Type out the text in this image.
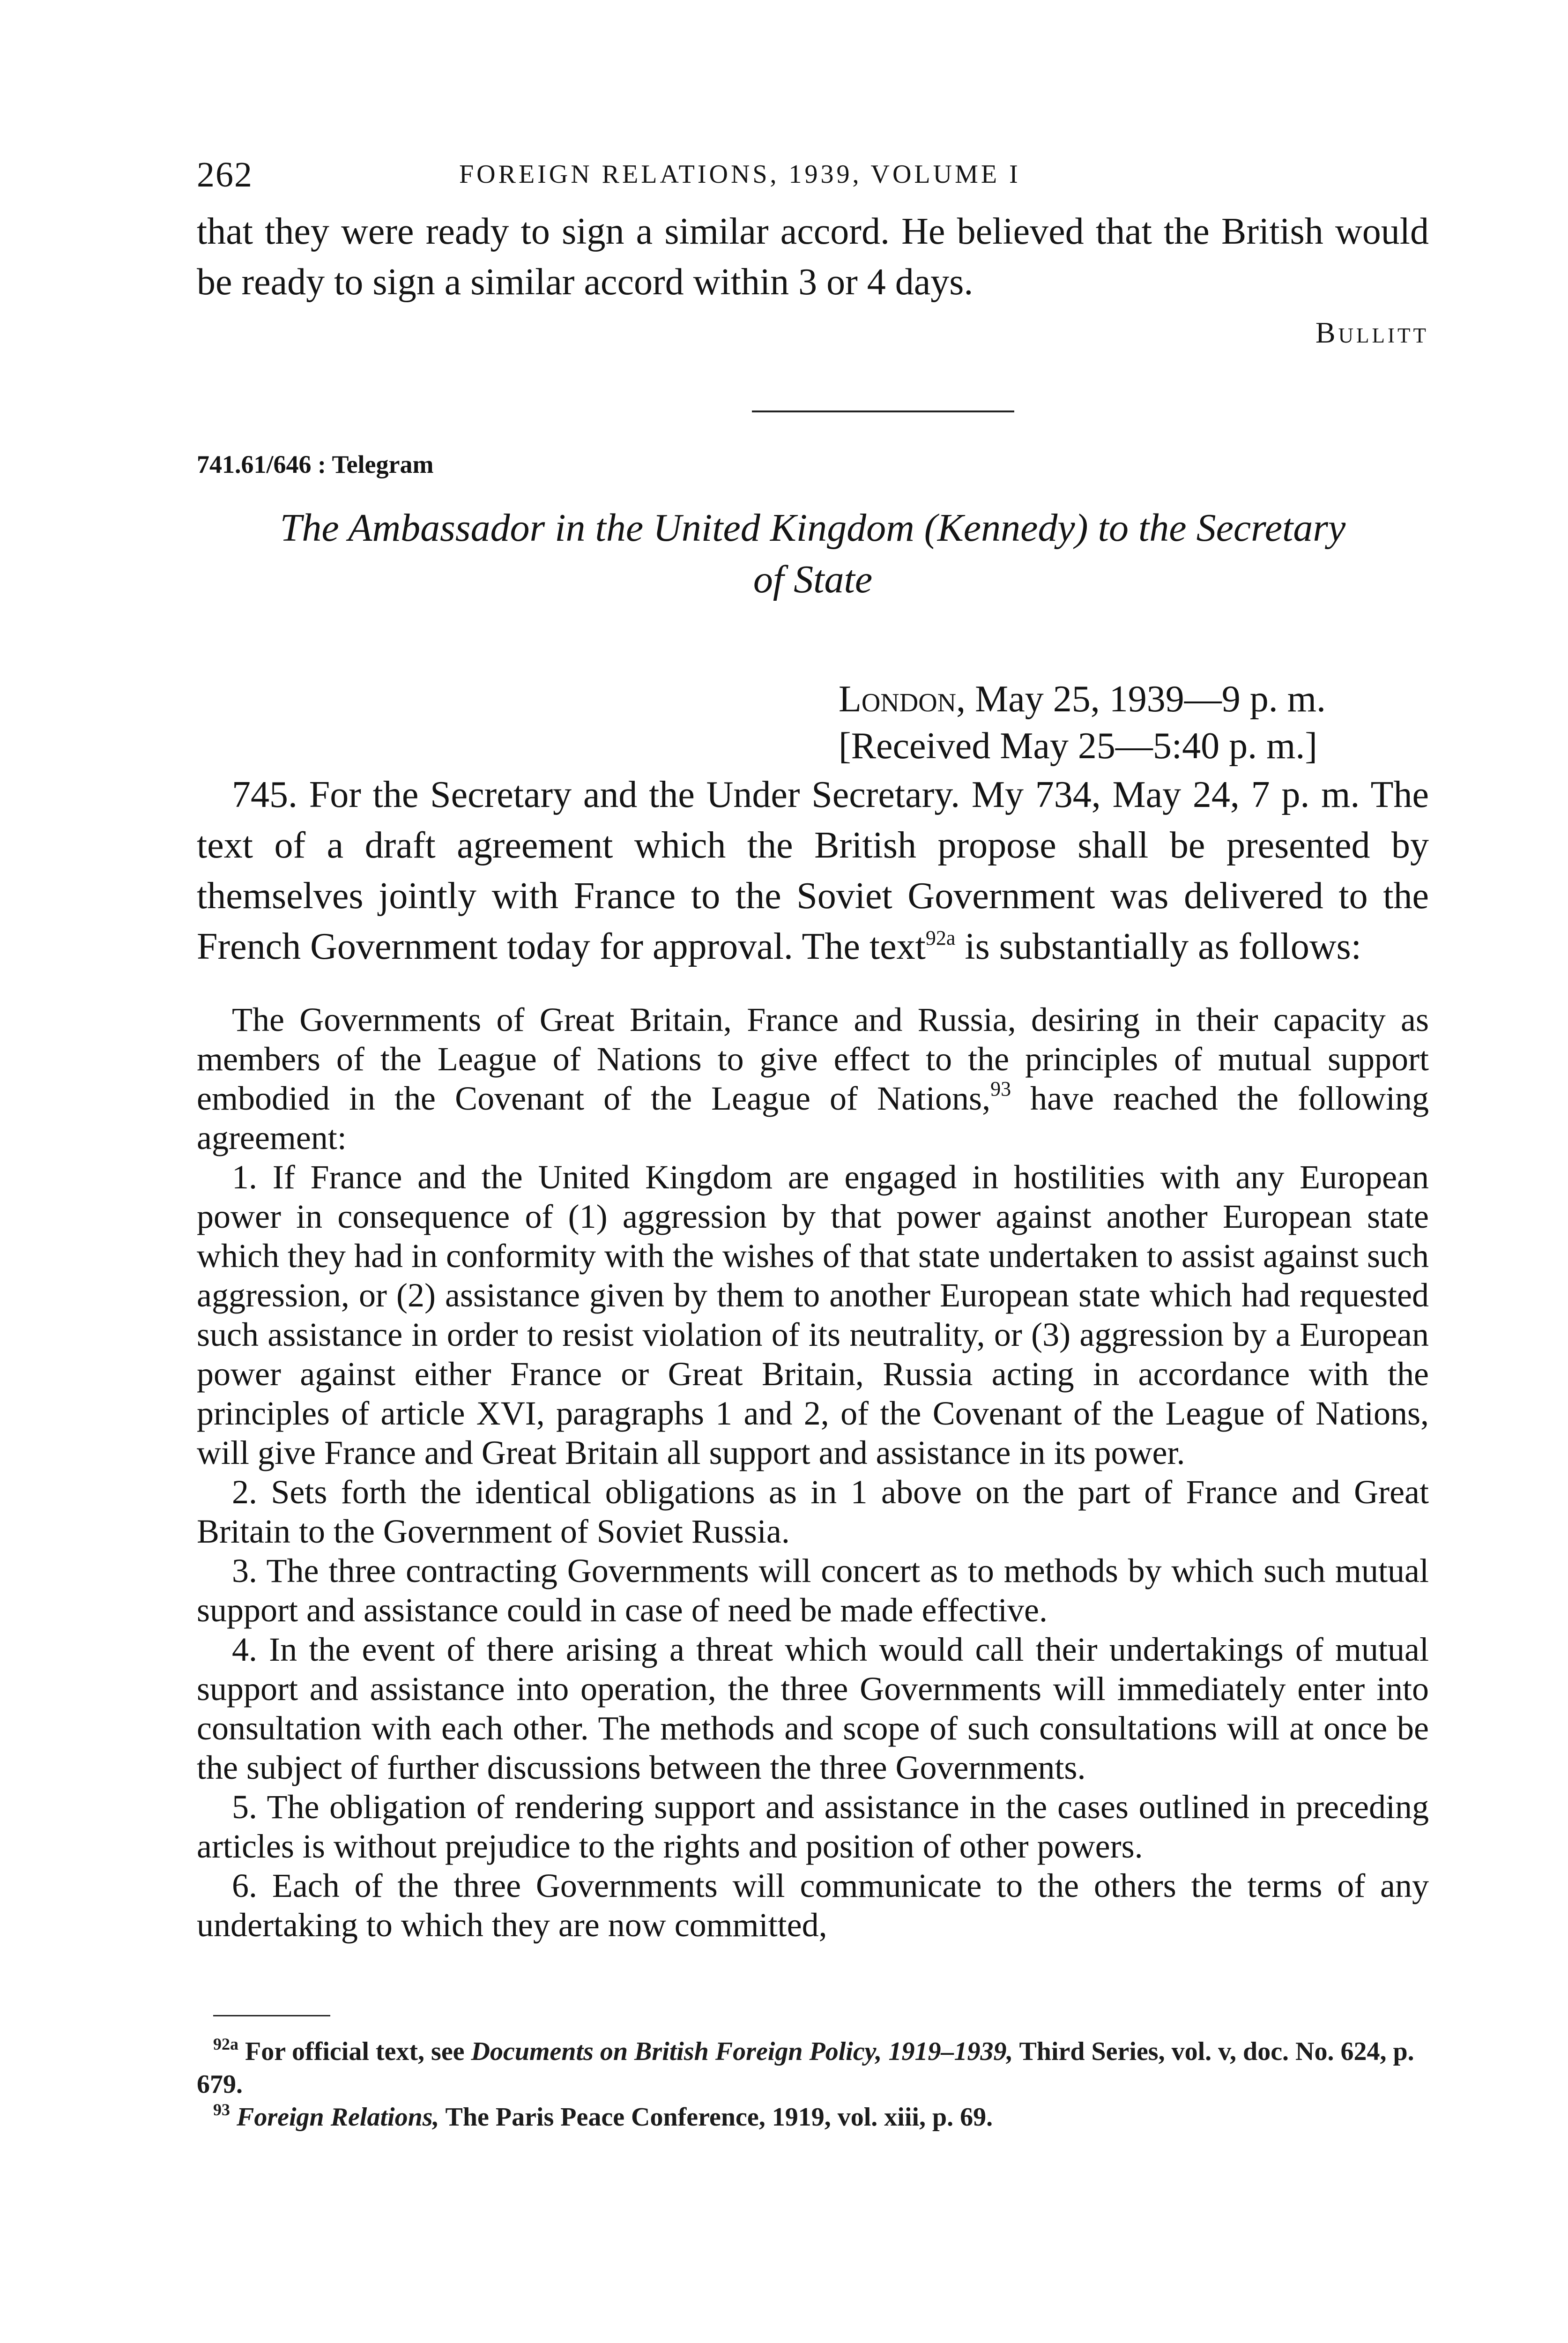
262	FOREIGN RELATIONS, 1939, VOLUME I

that they were ready to sign a similar accord. He believed that the British would be ready to sign a similar accord within 3 or 4 days.

Bullitt
741.61/646 : Telegram
The Ambassador in the United Kingdom (Kennedy) to the Secretary of State
London, May 25, 1939—9 p. m.
[Received May 25—5:40 p. m.]

745. For the Secretary and the Under Secretary. My 734, May 24, 7 p. m. The text of a draft agreement which the British propose shall be presented by themselves jointly with France to the Soviet Government was delivered to the French Government today for approval. The text$^{92a}$ is substantially as follows:

The Governments of Great Britain, France and Russia, desiring in their capacity as members of the League of Nations to give effect to the principles of mutual support embodied in the Covenant of the League of Nations,$^{93}$ have reached the following agreement:

1. If France and the United Kingdom are engaged in hostilities with any European power in consequence of (1) aggression by that power against another European state which they had in conformity with the wishes of that state undertaken to assist against such aggression, or (2) assistance given by them to another European state which had requested such assistance in order to resist violation of its neutrality, or (3) aggression by a European power against either France or Great Britain, Russia acting in accordance with the principles of article XVI, paragraphs 1 and 2, of the Covenant of the League of Nations, will give France and Great Britain all support and assistance in its power.

2. Sets forth the identical obligations as in 1 above on the part of France and Great Britain to the Government of Soviet Russia.

3. The three contracting Governments will concert as to methods by which such mutual support and assistance could in case of need be made effective.

4. In the event of there arising a threat which would call their undertakings of mutual support and assistance into operation, the three Governments will immediately enter into consultation with each other. The methods and scope of such consultations will at once be the subject of further discussions between the three Governments.

5. The obligation of rendering support and assistance in the cases outlined in preceding articles is without prejudice to the rights and position of other powers.

6. Each of the three Governments will communicate to the others the terms of any undertaking to which they are now committed,

$^{92a}$ For official text, see Documents on British Foreign Policy, 1919–1939, Third Series, vol. v, doc. No. 624, p. 679.

$^{93}$ Foreign Relations, The Paris Peace Conference, 1919, vol. xiii, p. 69.
